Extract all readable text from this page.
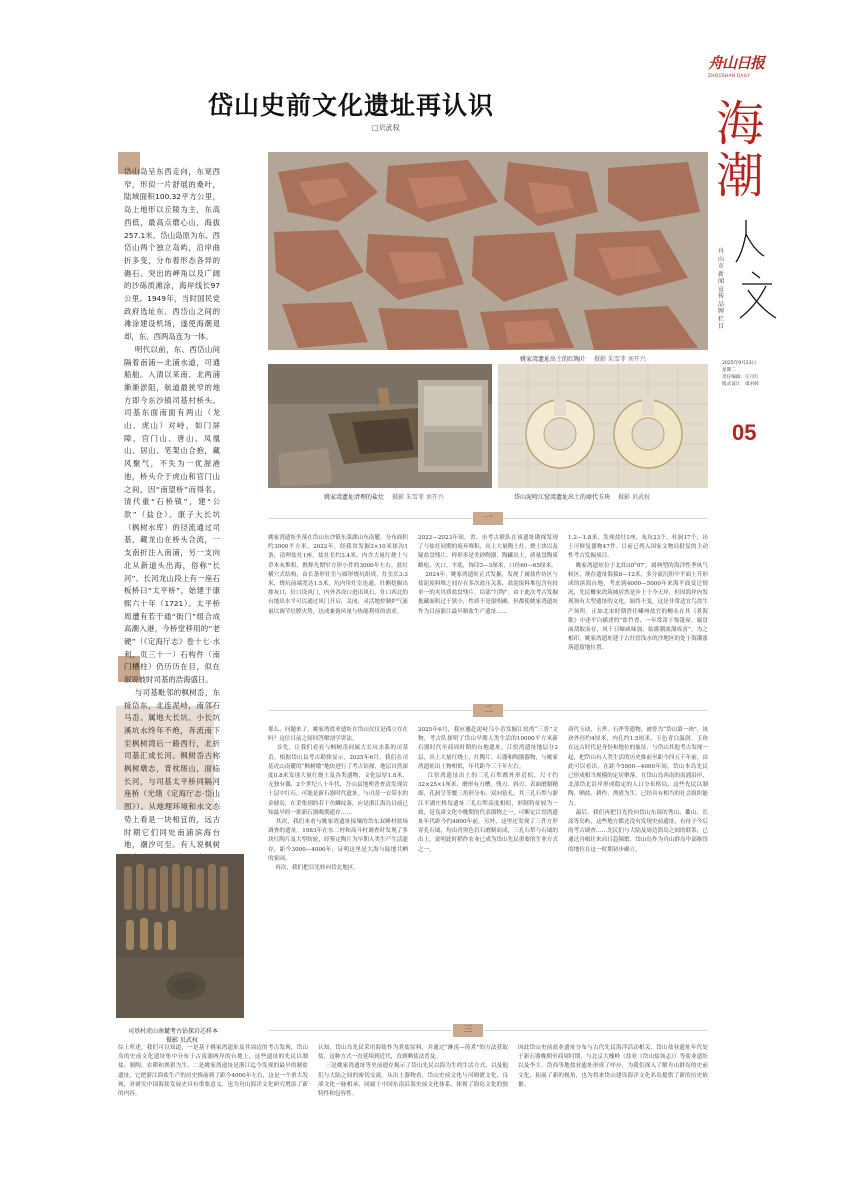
舟山日报
ZHOUSHAN DAILY
海
潮
舟山市新闻宣传品牌栏目
2025年9月23日
星期二
责任编辑：庄月红
版式设计：虞君韩
05
岱山史前文化遗址再认识
□贝武权

岱山岛呈东西走向，东宽西窄，形似一片舒展的桑叶，陆域面积100.32平方公里，岛上地形以丘陵为主，东高西低，最高点磨心山，海拔257.1米。岱山岛原为东、西岱山两个独立岛屿，沿岸曲折多变，分布着形态各异的礁石、突出的岬角以及广阔的沙砾质滩涂，海岸线长97公里。1949年，当时国民党政府选址东、西岱山之间的滩涂建设机场，遂使海潮退却，东、西两岛连为一体。
明代以前，东、西岱山间隔着南浦—北浦水道，可通船舶。入清以来南、北两浦渐渐淤阻，航道最狭窄的地方即今东沙镇司基村桥头。司基东面南面有两山（龙山、虎山）对峙，如门屏障，官门山、唐山、凤凰山、居山、笔架山合抱，藏风聚气，不失为一优渥港池，桥头介于虎山和官门山之间，因“南望桥”而得名。清代重“石桥镇”，建“公款”（盐仓）。康子大长坑（枫树水库）的径流通过司基，藏龙山在桥头合流，一支南折注入南浦，另一支向北从新道头出海，俗称“长河”。长河龙山段上有一座石板桥曰“太平桥”，始建于康熙六十年（1721）。太平桥周遭有若干通“街门”组合成高潮入港，今桥堂移用的“老硬”（《定海厅志》卷十七·水利，页三十一）石构件（南门槽柱）仍历历在目，似在叙说彼时司基的浩海盛日。
与司基毗邻的枫树岙，东接岱东，北连泥峙，南邻石马岙。属地大长坑、小长坑溪坑水终年不绝，奔流南下至枫树湾后一路西行，北折司基汇成长河。枫树岙古称枫树墩志，背枕斑山，面临长河，与司基太平桥同隔河座桥（光绪《定海厅志·岱山图》）。从地理环境和水文态势上看是一块相宜的，远古时期它们同处南浦滨海台地，潮汐可至。有人说枫树

司基村虎山南麓考古钻探岩芯样本
摄影 贝武权
姚家湾遗址出土的红陶片 摄影 朱雪菲 刘开兴
姚家湾遗址清理的盐灶 摄影 朱雪菲 刘开兴	岱山泥峙江窑湾遗址出土的商代玉玦 摄影 贝武权
一

姚家湾遗址坐落在岱山东沙镇东菜湖山东南麓，分布面积约3000平方米。2022年，经我省发掘2×10米探沟1条，清理盐灶1座，盐灶长约3.4米，内含大量红烧土与草木灰堆积，携释先期窄方形小件的3000年左右。盐灶横穴式结构，由长条形灶室与圆形烧坑组成，灶室长3.3米，烧坑前端宽达1.5米，坑内用灶室连通。灶侧挖掘出排灰口，灶口设风门，内外各设口进出风石，灶口西北的台地出水平可以通过风门开启，关闭，灵活地控制炉气流量以调节灶膛火势，达成兼备风量与热能利用的需求。

2022—2023年间，省、市考古联队在该遗址勘探发现了与盐灶同期的废弃堆积，出土大量陶土灶、烧土块以及疑盐盘残片，样形多是美砂陶器，陶罐出土，质量盘陶质略松，火口，平底，饰印3—3厘米，口径60—65厘米。
2024年，姚家湾遗址正式发掘，发现了属盐作坊区与盐泥废料堆之间存在多次盐压关系，盐泥废料堆包含有较单一的夹贝质盐盘残片，局部“红陶”。由于此次考古发掘抱藏面积过于狭小，性质不是很明确，但都使姚家湾遗址作为目前浙江最早制盐生产遗址……

1.2—1.8米，发现盐灶1座，灰坑23个，柱洞17个，出土可修复器物47件。目前已列入国家文物局批复的主动性考古发掘项目。
姚家湾遗址位于北纬30°07′，属典型的海洋性季风气候区，现存遗址海拔8—12米，多分流沉积中平面上升形成的滨海台地，考虑到4000—5000年来海平面变迁情况，先民概家湾筑城居然是步上于今天岸，但因海岸内发现领有大型遗址的文化，始终不变，这是非常适宜鸟盘生产场所。正如北宋时期曾任嵊州盐官的柳永在其《煮海歌》中述平白描述的“盐竹香，一年常寄于饰篷屋，廊盘面刮取而存，风干日曝咸味加，始灌潮波溜成卤”。为之相印，姚家湾遗址建于古灶窑浅水的沙地区的处于海潮涨落遗留地位置。

二

那么，问题来了。姚家湾盐业遗址在岱山仅仅是孤立存在吗？这位目前之间回答解剖学讲法。
首先，让我们看看与枫树岙同属大长坑水系的司基岙。根据岱山县考古勘探显示，2025年6月，我们在司基虎山南麓的“枫树墩”地块进行了考古钻探，地层自然深度0.8米发现大量红烧土及各类遗物，文化层厚1.8米，无独有偶，2个世纪八十年代，吾山县地理普查清发现岩土层中红石，可能是新石器时代遗址。与司基一衣带水的金塘岛，在采集到的若干鱼鳞纹盔，应是浙江海岛目前已知最早的一批新石器晚期遗存……
其次，我们来看与姚家湾遗址接壤的岱东双峰村盐场调查的遗址。1983年在东二村和高斗村调查时发现了多块红陶片及大型纺轮，经鉴定陶片为早期人类生产生活遗存，距今3000—4000年，证明这里是大海与陆地共栖的家园。
再次，我们把目光转向岱北地区。

2025年6月，我应邀赴泥峙乌小岙发掘江窑湾“三普”文物，考古队探明了岱山早期人类生活的10000平方米新石器时代至商周时期的台地遗址，江窑湾遗址地层分2层，出土大量红烧土、红陶片、石器和陶器器物，与姚家湾遗址出土物相似，年代距今三千年左右。
江窑湾遗址出土的三孔石犁都外形近似，尺寸约32×25×1厘米，磨形有刃槽，残刃、斜刃、表面磨制精细，孔洞呈等腰三角形分布，双向钻孔，其三孔石犁与浙江平湖庄桥坟遗址三孔石犁高度相似，形制特征较为一致，是良渚文化中晚期的代表器物之一，可断定江窑湾遗址年代距今约4800年前。另外，这里还发现了三件方形穿孔石钺，均由青黑色岩石磨制而成，三孔石犁与石钺的出土，说明此时稻作农业已成为岱山先民重要的生业方式之一。

商代玉玦、玉斧、石斧等遗物，被誉为“岱山第一玦”，该玦外径约4厘米，内孔约1.5厘米，玉色青白温润。玉玦在远古时代是身份和地位的象征，与岱山其他考古发现一起，把岱山有人类生活的历史推前至距今四五千年前。由此可以看出，在距今5000—4000年间，岱山本岛先民已形成相当规模的定居聚落，在岱山岛西南的南浦沿岸、北部岱北沿岸形成稳定的人口分布格局，这些先民以制陶、晒盐、耕作、渔猎为生，已经具有相当的社会组织能力。
最后，我们再把目光投向岱山东部的秀山、衢山、长涂等岛屿，这些地方都还没有发现史前遗址，有待于今后的考古调查……先民们与大陆及周边海岛之间的联系，已通过舟楫往来而日趋频繁，岱山岛作为舟山群岛中部枢纽的地位在这一时期初步确立。

三

综上所述，我们可以知道，一是基于姚家湾遗址及其周边的考古发现，岱山岛的史前文化遗址集中分布于古南浦两岸的台地上，这些遗址的先民以制盐、制陶、农耕和渔猎为生。二是姚家湾遗址是浙江迄今发现的最早的制盐遗址，它把浙江海盐生产的历史推前到了距今4000年左右，这是一个重大发现，对研究中国海盐发展史具有重要意义，也为舟山海洋文化研究增添了新的内容。

认知。岱山岛先民采用海盐作为煮盐原料，并通过“淋卤—煎煮”的方法获取盐，这种方式一直延续到近代，直到晒盐法普及。
三是姚家湾遗址等史前遗存揭示了岱山先民以海为生的生活方式，以及他们与大陆之间的密切交流。从出土器物看，岱山史前文化与河姆渡文化、良渚文化一脉相承，同属于中国东南沿海史前文化体系，体现了海岛文化的独特性和包容性。

因此岱山史前盐业遗址分布与古代先民海洋活动相关，岱山盐业遗址年代处于新石器晚期至商周时期，与北京大槐岭（盐业《岱山盐场志》）等盐业遗址以及李主、岱西等地盐业遗址形成了呼应，为我们深入了解舟山群岛的史前文化，拓展了新的视角，也为将来岱山建设海洋文化名岛提供了新的历史依据。
